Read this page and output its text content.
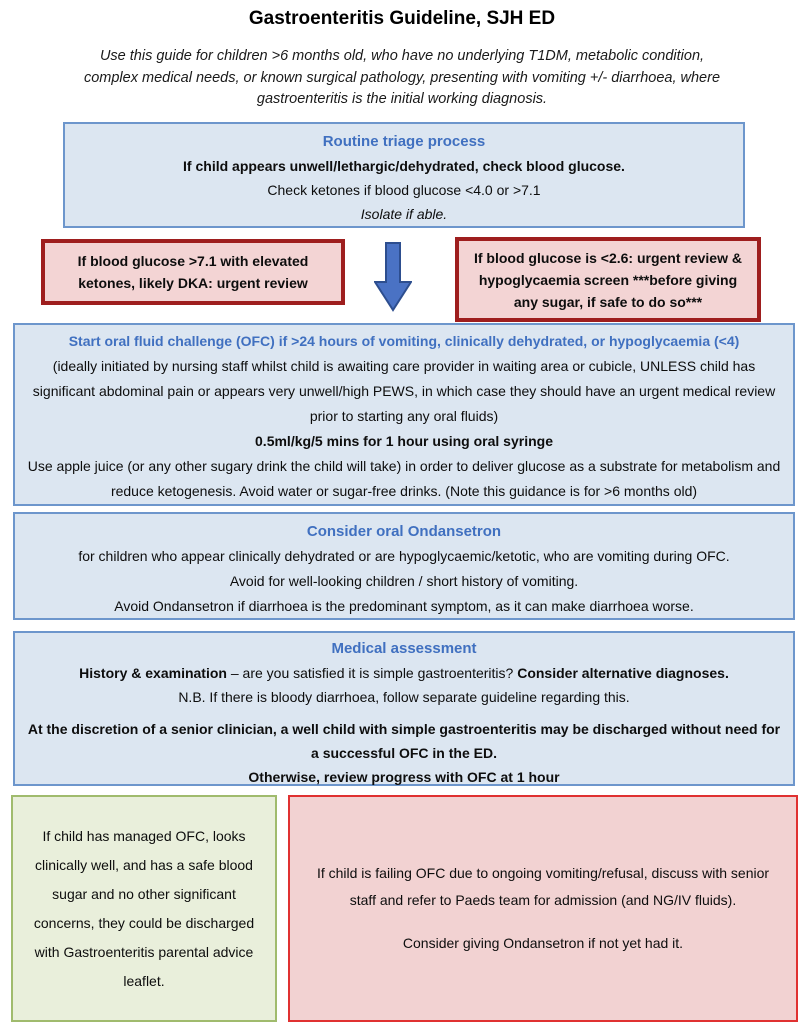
Gastroenteritis Guideline, SJH ED
Use this guide for children >6 months old, who have no underlying T1DM, metabolic condition, complex medical needs, or known surgical pathology, presenting with vomiting +/- diarrhoea, where gastroenteritis is the initial working diagnosis.
Routine triage process
If child appears unwell/lethargic/dehydrated, check blood glucose.
Check ketones if blood glucose <4.0 or >7.1
Isolate if able.
If blood glucose >7.1 with elevated
ketones, likely DKA: urgent review
If blood glucose is <2.6: urgent review &
hypoglycaemia screen ***before giving
any sugar, if safe to do so***
Start oral fluid challenge (OFC) if >24 hours of vomiting, clinically dehydrated, or hypoglycaemia (<4)
(ideally initiated by nursing staff whilst child is awaiting care provider in waiting area or cubicle, UNLESS child has significant abdominal pain or appears very unwell/high PEWS, in which case they should have an urgent medical review prior to starting any oral fluids)
0.5ml/kg/5 mins for 1 hour using oral syringe
Use apple juice (or any other sugary drink the child will take) in order to deliver glucose as a substrate for metabolism and reduce ketogenesis. Avoid water or sugar-free drinks. (Note this guidance is for >6 months old)
Consider oral Ondansetron
for children who appear clinically dehydrated or are hypoglycaemic/ketotic, who are vomiting during OFC.
Avoid for well-looking children / short history of vomiting.
Avoid Ondansetron if diarrhoea is the predominant symptom, as it can make diarrhoea worse.
Medical assessment
History & examination – are you satisfied it is simple gastroenteritis? Consider alternative diagnoses.
N.B. If there is bloody diarrhoea, follow separate guideline regarding this.
At the discretion of a senior clinician, a well child with simple gastroenteritis may be discharged without need for a successful OFC in the ED.
Otherwise, review progress with OFC at 1 hour
If child has managed OFC, looks
clinically well, and has a safe blood
sugar and no other significant
concerns, they could be discharged
with Gastroenteritis parental advice
leaflet.
If child is failing OFC due to ongoing vomiting/refusal, discuss with senior
staff and refer to Paeds team for admission (and NG/IV fluids).
Consider giving Ondansetron if not yet had it.
